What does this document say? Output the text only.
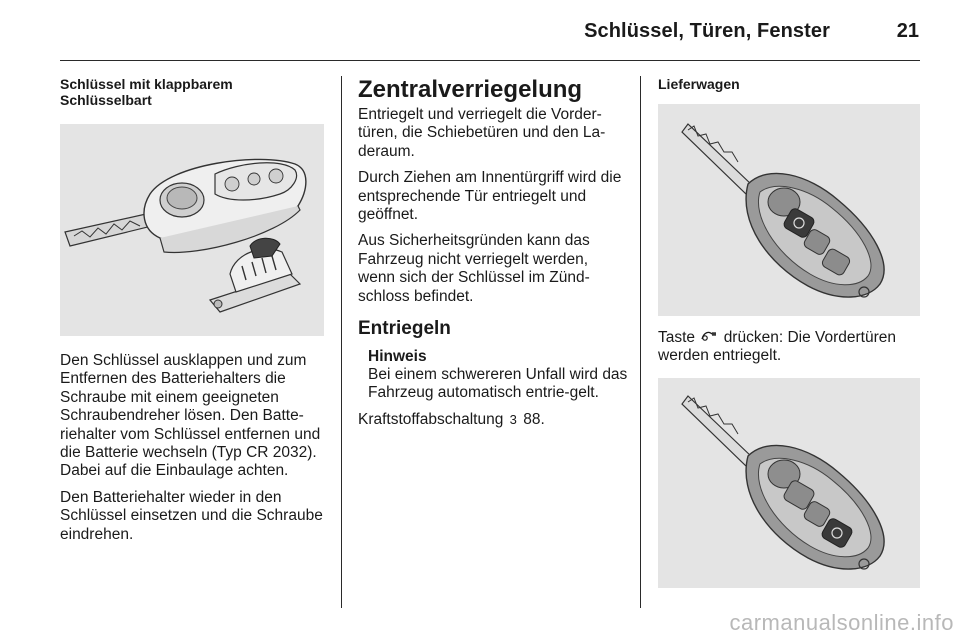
Schlüssel, Türen, Fenster	21

Schlüssel mit klappbarem Schlüsselbart

Den Schlüssel ausklappen und zum Entfernen des Batteriehalters die Schraube mit einem geeigneten Schraubendreher lösen. Den Batte-riehalter vom Schlüssel entfernen und die Batterie wechseln (Typ CR 2032). Dabei auf die Einbaulage achten.

Den Batteriehalter wieder in den Schlüssel einsetzen und die Schraube eindrehen.

Zentralverriegelung

Entriegelt und verriegelt die Vorder-türen, die Schiebetüren und den La-deraum.

Durch Ziehen am Innentürgriff wird die entsprechende Tür entriegelt und geöffnet.

Aus Sicherheitsgründen kann das Fahrzeug nicht verriegelt werden, wenn sich der Schlüssel im Zünd-schloss befindet.

Entriegeln

Hinweis

Bei einem schwereren Unfall wird das Fahrzeug automatisch entrie-gelt.

Kraftstoffabschaltung 3 88.

Lieferwagen

Taste drücken: Die Vordertüren werden entriegelt.

carmanualsonline.info
